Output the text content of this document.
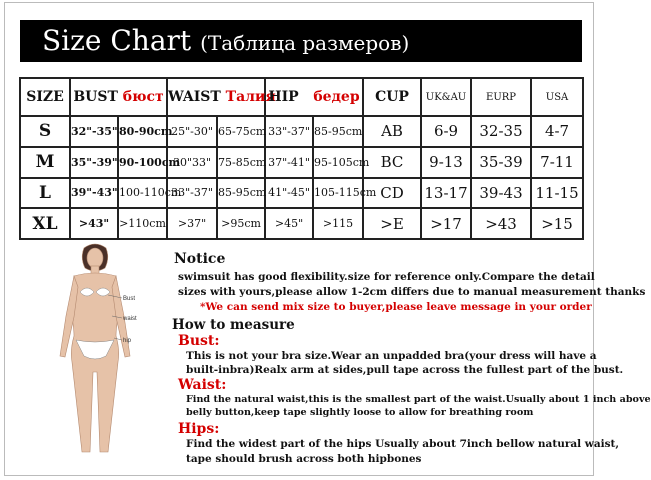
Size Chart (Таблица размеров)
SIZE	BUST бюст		WAIST Талия		HIP бедер		CUP	UK&AU	EURP	USA
S	32"-35"	80-90cm	25"-30"	65-75cm	33"-37"	85-95cm	AB	6-9	32-35	4-7
M	35"-39"	90-100cm	30"33"	75-85cm	37"-41"	95-105cm	BC	9-13	35-39	7-11
L	39"-43"	100-110cm	33"-37"	85-95cm	41"-45"	105-115cm	CD	13-17	39-43	11-15
XL	>43"	>110cm	>37"	>95cm	>45"	>115	>E	>17	>43	>15
Bust
waist
hip
Notice
swimsuit has good flexibility.size for reference only.Compare the detail
sizes with yours,please allow 1-2cm differs due to manual measurement thanks
*We can send mix size to buyer,please leave message in your order
How to measure
Bust:
This is not your bra size.Wear an unpadded bra(your dress will have a
built-inbra)Realx arm at sides,pull tape across the fullest part of the bust.
Waist:
Find the natural waist,this is the smallest part of the waist.Usually about 1 inch above
belly button,keep tape slightly loose to allow for breathing room
Hips:
Find the widest part of the hips Usually about 7inch bellow natural waist,
tape should brush across both hipbones
